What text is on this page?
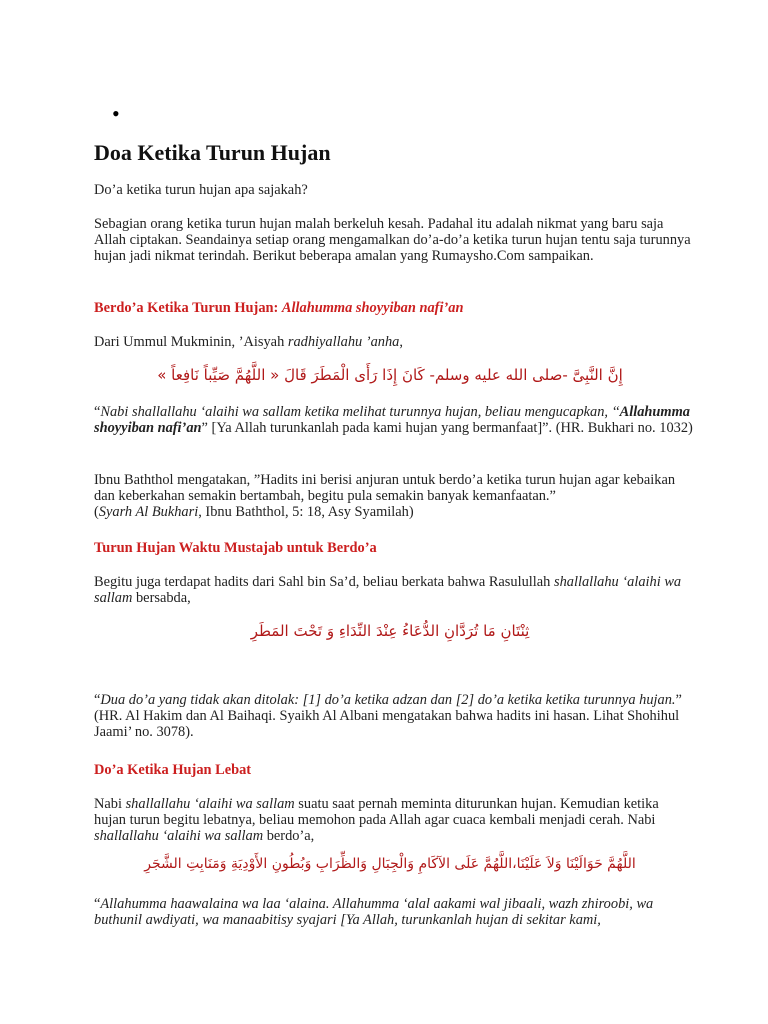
•
Doa Ketika Turun Hujan

Do’a ketika turun hujan apa sajakah?

Sebagian orang ketika turun hujan malah berkeluh kesah. Padahal itu adalah nikmat yang baru saja Allah ciptakan. Seandainya setiap orang mengamalkan do’a-do’a ketika turun hujan tentu saja turunnya hujan jadi nikmat terindah. Berikut beberapa amalan yang Rumaysho.Com sampaikan.

Berdo’a Ketika Turun Hujan: Allahumma shoyyiban nafi’an

Dari Ummul Mukminin, ’Aisyah radhiyallahu ’anha,

إِنَّ النَّبِىَّ -صلى الله عليه وسلم- كَانَ إِذَا رَأَى الْمَطَرَ قَالَ « اللَّهُمَّ صَيِّباً نَافِعاً »

“Nabi shallallahu ‘alaihi wa sallam ketika melihat turunnya hujan, beliau mengucapkan, ‘‘Allahumma shoyyiban nafi’an” [Ya Allah turunkanlah pada kami hujan yang bermanfaat]”. (HR. Bukhari no. 1032)

Ibnu Baththol mengatakan, ”Hadits ini berisi anjuran untuk berdo’a ketika turun hujan agar kebaikan dan keberkahan semakin bertambah, begitu pula semakin banyak kemanfaatan.”
(Syarh Al Bukhari, Ibnu Baththol, 5: 18, Asy Syamilah)

Turun Hujan Waktu Mustajab untuk Berdo’a

Begitu juga terdapat hadits dari Sahl bin Sa’d, beliau berkata bahwa Rasulullah shallallahu ‘alaihi wa sallam bersabda,

ثِنْتَانِ مَا تُرَدَّانِ الدُّعَاءُ عِنْدَ النِّدَاءِ وَ تَحْتَ المَطَرِ

“Dua do’a yang tidak akan ditolak: [1] do’a ketika adzan dan [2] do’a ketika ketika turunnya hujan.” (HR. Al Hakim dan Al Baihaqi. Syaikh Al Albani mengatakan bahwa hadits ini hasan. Lihat Shohihul Jaami’ no. 3078).

Do’a Ketika Hujan Lebat

Nabi shallallahu ‘alaihi wa sallam suatu saat pernah meminta diturunkan hujan. Kemudian ketika hujan turun begitu lebatnya, beliau memohon pada Allah agar cuaca kembali menjadi cerah. Nabi shallallahu ‘alaihi wa sallam berdo’a,

اللَّهُمَّ حَوَالَيْنَا وَلاَ عَلَيْنَا،اللَّهُمَّ عَلَى الآكَامِ وَالْجِبَالِ وَالظِّرَابِ وَبُطُونِ الأَوْدِيَةِ وَمَنَابِتِ الشَّجَرِ

“Allahumma haawalaina wa laa ‘alaina. Allahumma ‘alal aakami wal jibaali, wazh zhiroobi, wa buthunil awdiyati, wa manaabitisy syajari [Ya Allah, turunkanlah hujan di sekitar kami,
